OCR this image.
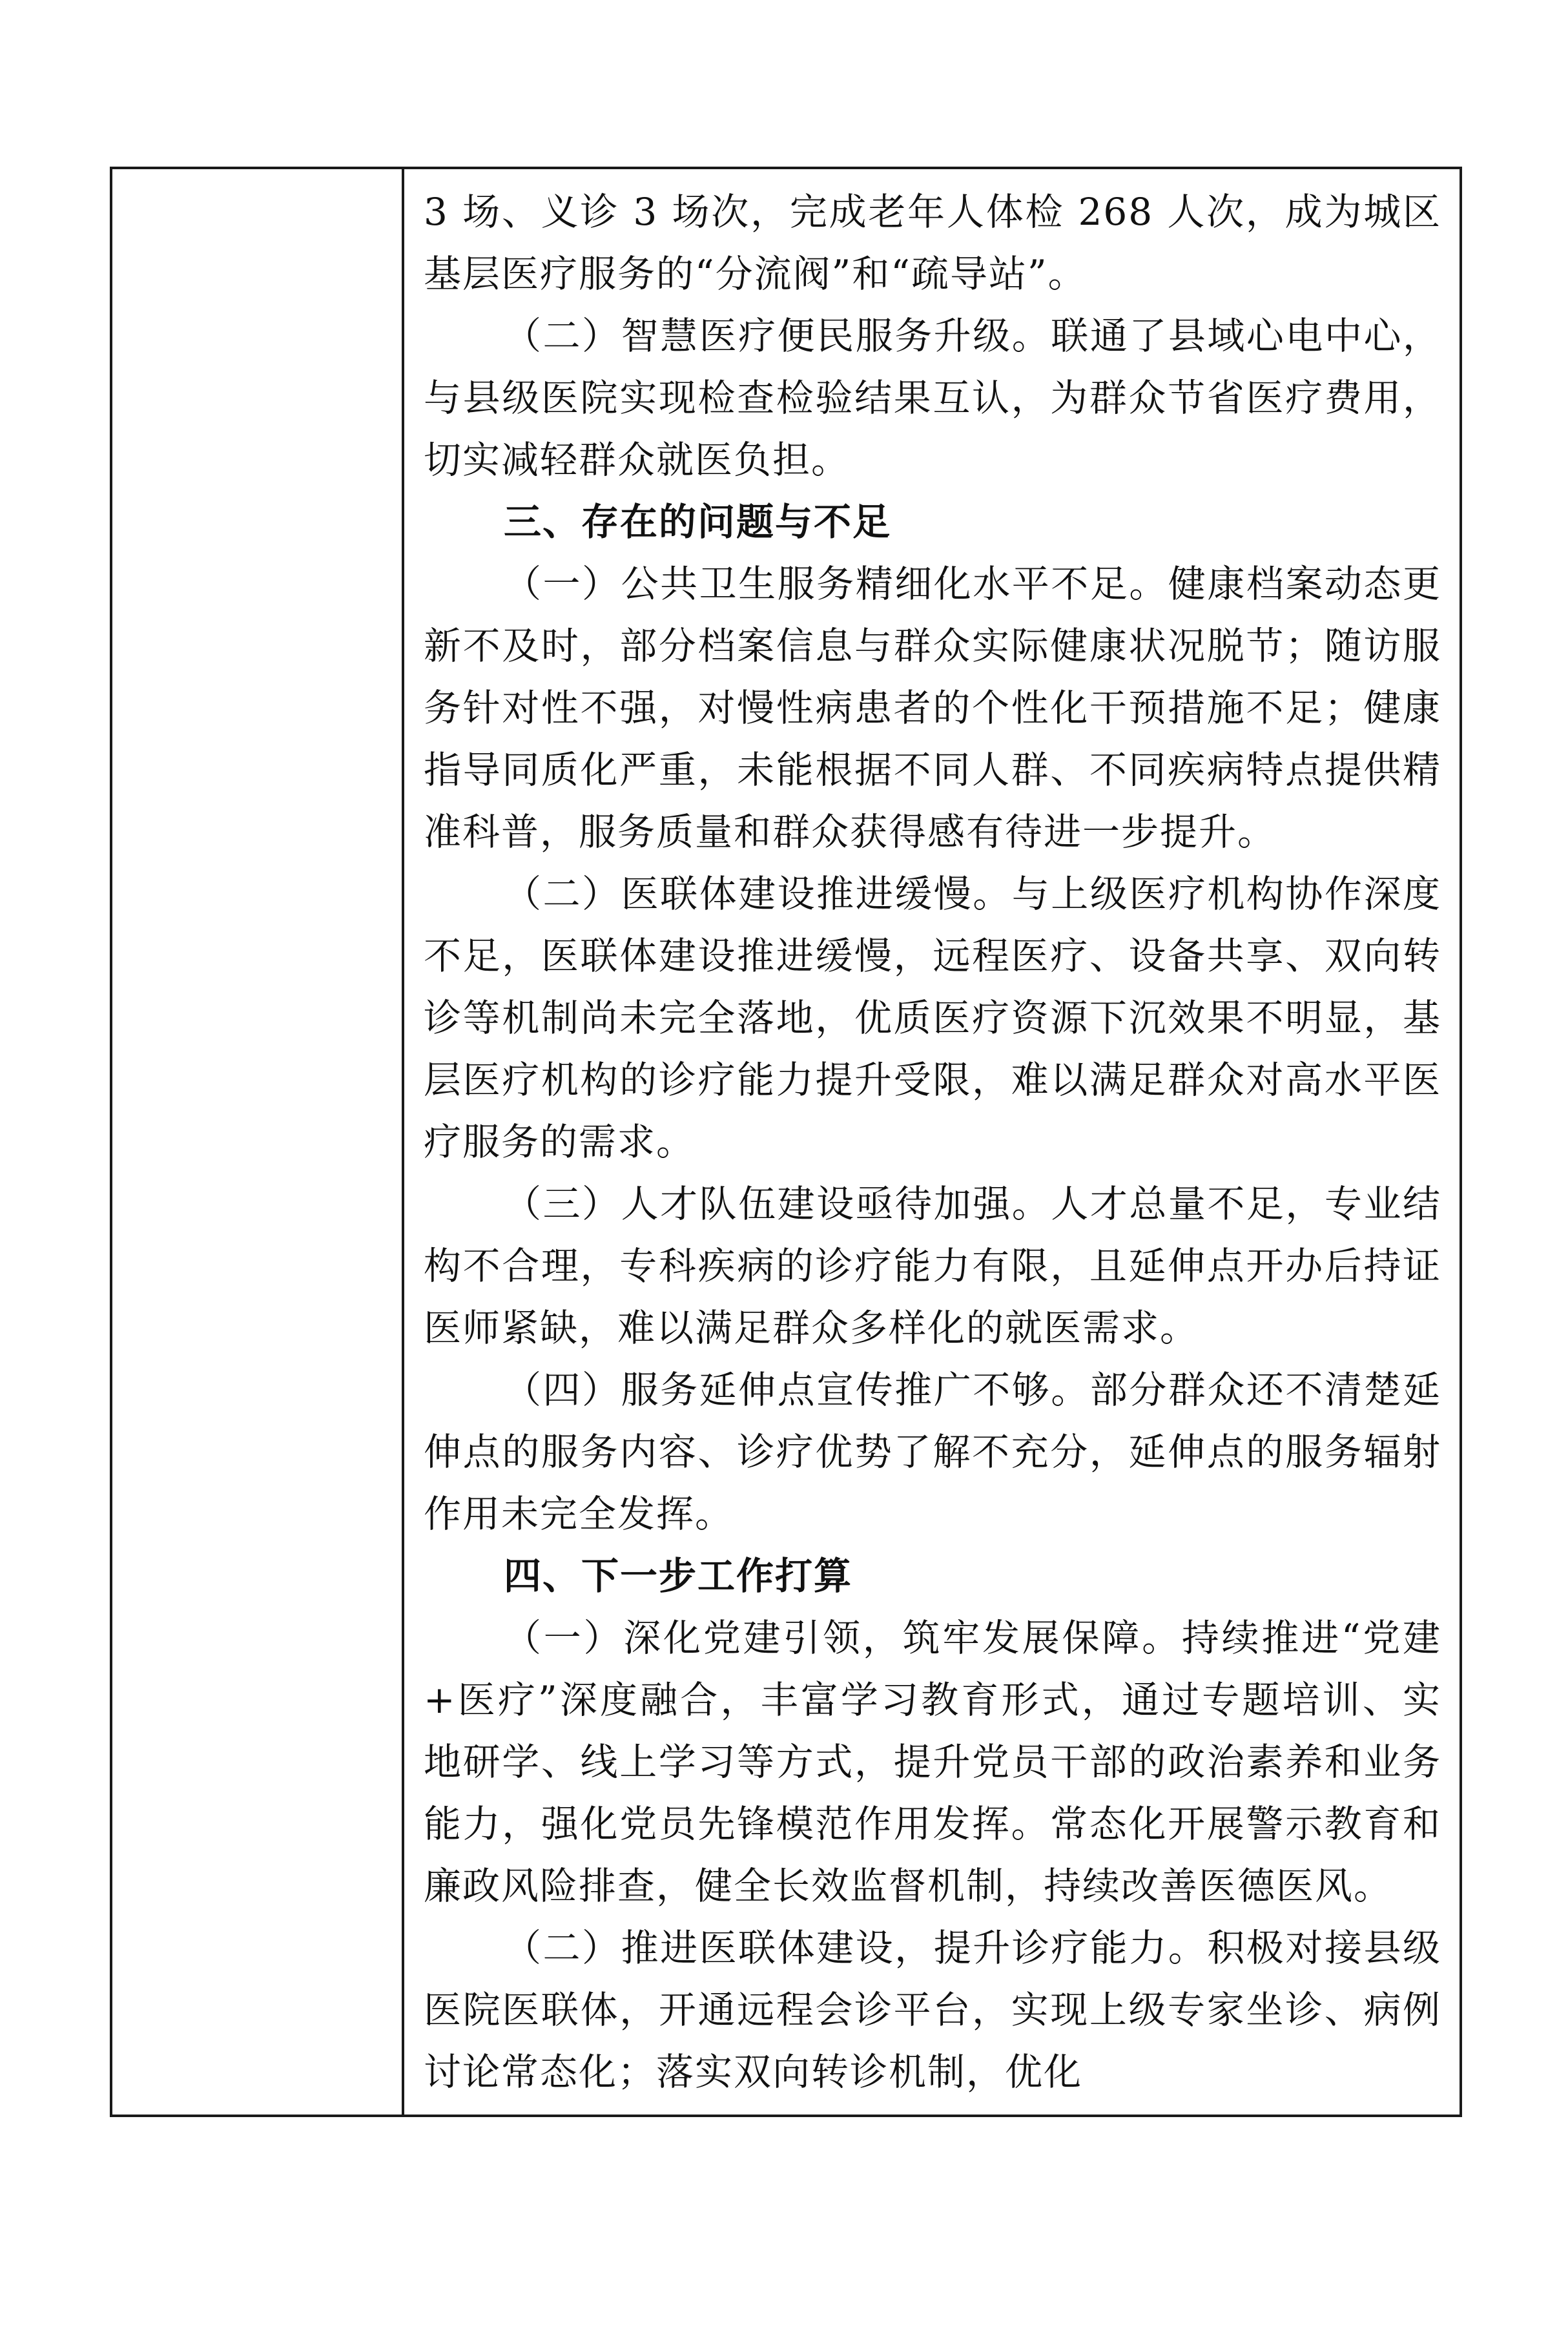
3 场、义诊 3 场次，完成老年人体检 268 人次，成为城区基层医疗服务的“分流阀”和“疏导站”。

（二）智慧医疗便民服务升级。联通了县域心电中心，与县级医院实现检查检验结果互认，为群众节省医疗费用，切实减轻群众就医负担。

三、存在的问题与不足

（一）公共卫生服务精细化水平不足。健康档案动态更新不及时，部分档案信息与群众实际健康状况脱节；随访服务针对性不强，对慢性病患者的个性化干预措施不足；健康指导同质化严重，未能根据不同人群、不同疾病特点提供精准科普，服务质量和群众获得感有待进一步提升。

（二）医联体建设推进缓慢。与上级医疗机构协作深度不足，医联体建设推进缓慢，远程医疗、设备共享、双向转诊等机制尚未完全落地，优质医疗资源下沉效果不明显，基层医疗机构的诊疗能力提升受限，难以满足群众对高水平医疗服务的需求。

（三）人才队伍建设亟待加强。人才总量不足，专业结构不合理，专科疾病的诊疗能力有限，且延伸点开办后持证医师紧缺，难以满足群众多样化的就医需求。

（四）服务延伸点宣传推广不够。部分群众还不清楚延伸点的服务内容、诊疗优势了解不充分，延伸点的服务辐射作用未完全发挥。

四、下一步工作打算

（一）深化党建引领，筑牢发展保障。持续推进“党建+医疗”深度融合，丰富学习教育形式，通过专题培训、实地研学、线上学习等方式，提升党员干部的政治素养和业务能力，强化党员先锋模范作用发挥。常态化开展警示教育和廉政风险排查，健全长效监督机制，持续改善医德医风。

（二）推进医联体建设，提升诊疗能力。积极对接县级医院医联体，开通远程会诊平台，实现上级专家坐诊、病例讨论常态化；落实双向转诊机制，优化
